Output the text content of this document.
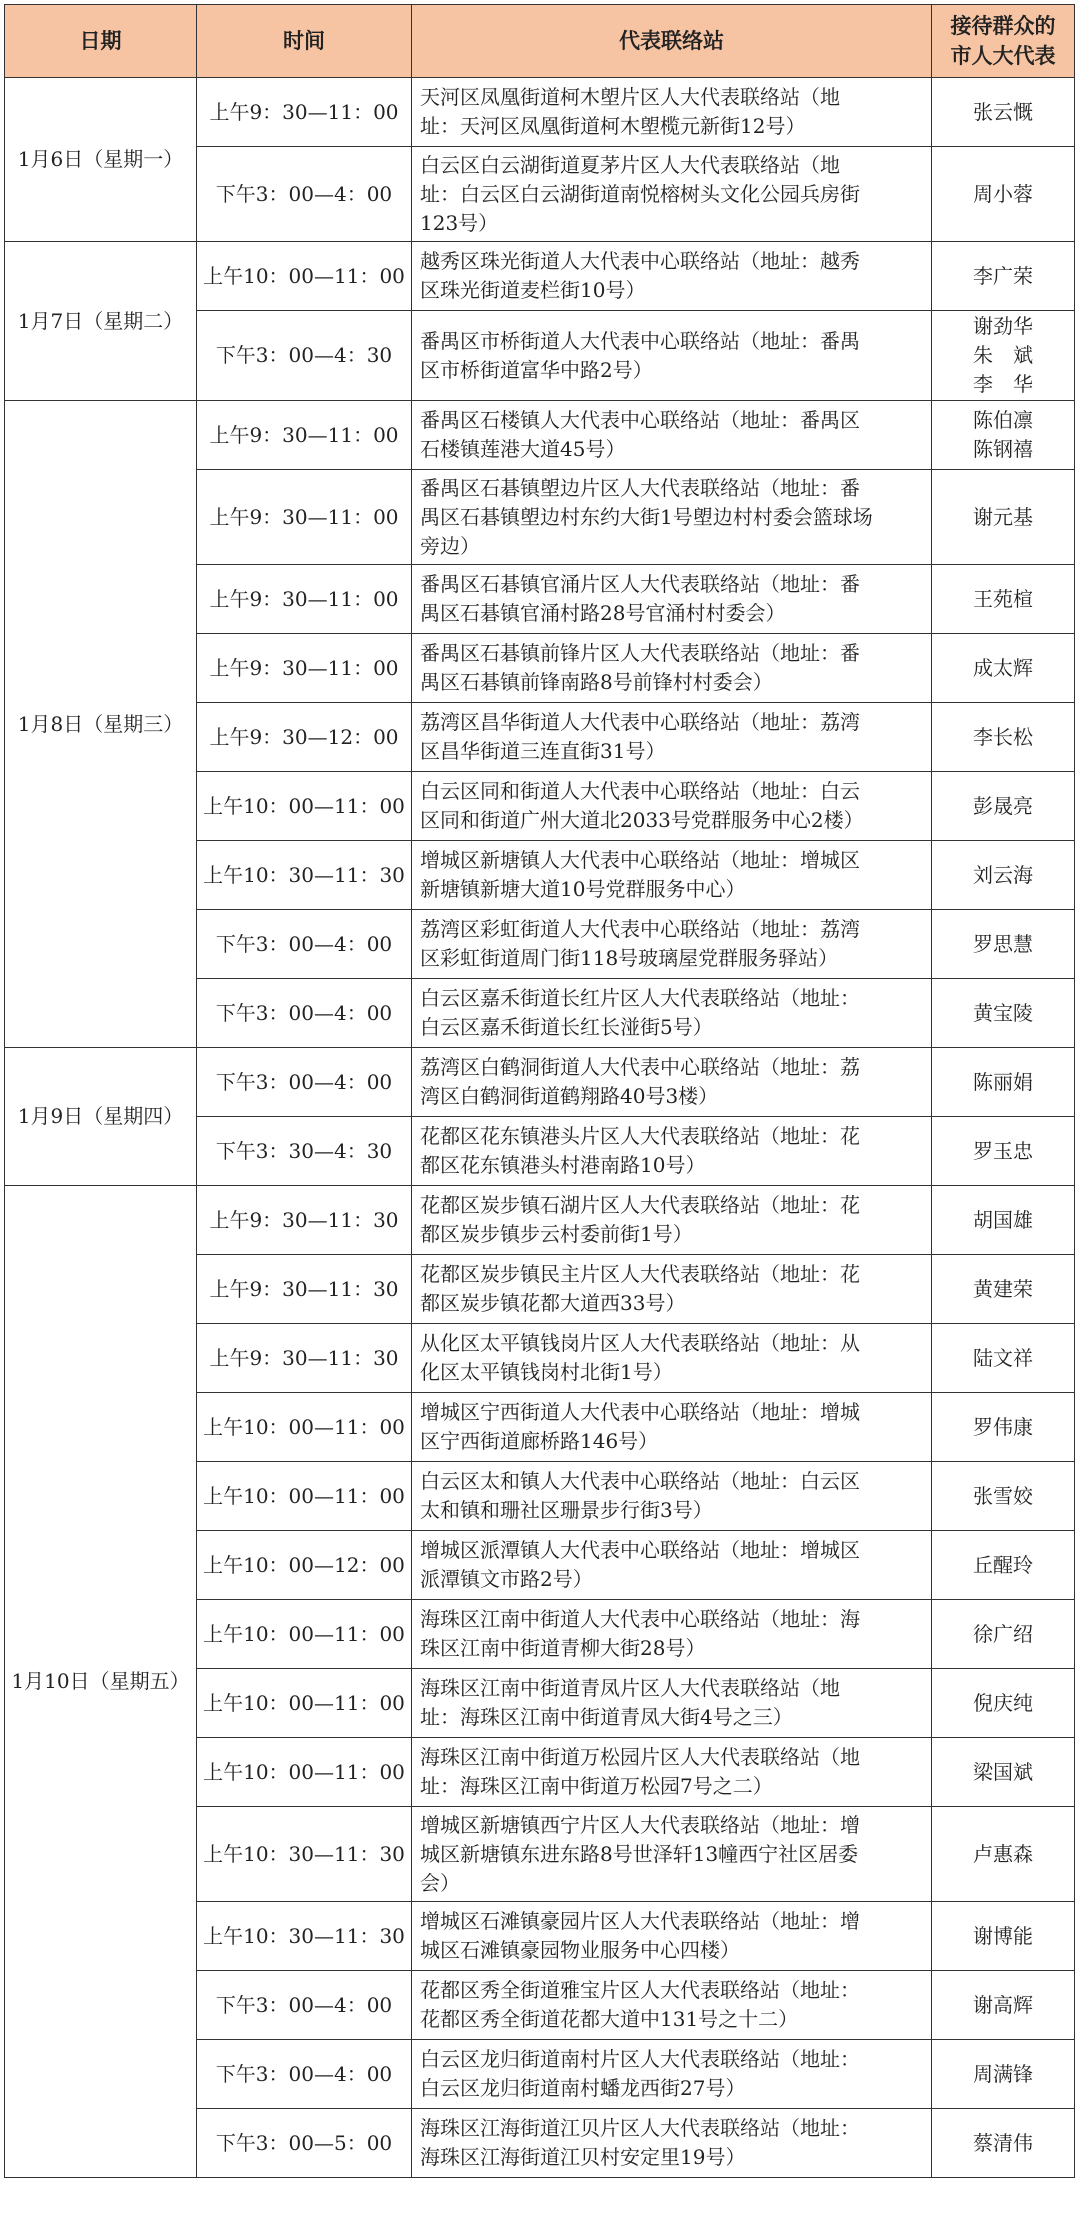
日期	时间	代表联络站	接待群众的
市人大代表
1月6日（星期一）	上午9：30—11：00	天河区凤凰街道柯木塱片区人大代表联络站（地
址：天河区凤凰街道柯木塱榄元新街12号）	张云慨

	下午3：00—4：00	白云区白云湖街道夏茅片区人大代表联络站（地
址：白云区白云湖街道南悦榕树头文化公园兵房街
123号）	周小蓉

1月7日（星期二）	上午10：00—11：00	越秀区珠光街道人大代表中心联络站（地址：越秀
区珠光街道麦栏街10号）	李广荣

	下午3：00—4：30	番禺区市桥街道人大代表中心联络站（地址：番禺
区市桥街道富华中路2号）	谢劲华
朱　斌
李　华

1月8日（星期三）	上午9：30—11：00	番禺区石楼镇人大代表中心联络站（地址：番禺区
石楼镇莲港大道45号）	陈伯凛
陈钢禧

	上午9：30—11：00	番禺区石碁镇塱边片区人大代表联络站（地址：番
禺区石碁镇塱边村东约大街1号塱边村村委会篮球场
旁边）	谢元基

	上午9：30—11：00	番禺区石碁镇官涌片区人大代表联络站（地址：番
禺区石碁镇官涌村路28号官涌村村委会）	王苑楦

	上午9：30—11：00	番禺区石碁镇前锋片区人大代表联络站（地址：番
禺区石碁镇前锋南路8号前锋村村委会）	成太辉

	上午9：30—12：00	荔湾区昌华街道人大代表中心联络站（地址：荔湾
区昌华街道三连直街31号）	李长松

	上午10：00—11：00	白云区同和街道人大代表中心联络站（地址：白云
区同和街道广州大道北2033号党群服务中心2楼）	彭晟亮

	上午10：30—11：30	增城区新塘镇人大代表中心联络站（地址：增城区
新塘镇新塘大道10号党群服务中心）	刘云海

	下午3：00—4：00	荔湾区彩虹街道人大代表中心联络站（地址：荔湾
区彩虹街道周门街118号玻璃屋党群服务驿站）	罗思慧

	下午3：00—4：00	白云区嘉禾街道长红片区人大代表联络站（地址：
白云区嘉禾街道长红长湴街5号）	黄宝陵

1月9日（星期四）	下午3：00—4：00	荔湾区白鹤洞街道人大代表中心联络站（地址：荔
湾区白鹤洞街道鹤翔路40号3楼）	陈丽娟

	下午3：30—4：30	花都区花东镇港头片区人大代表联络站（地址：花
都区花东镇港头村港南路10号）	罗玉忠

1月10日（星期五）	上午9：30—11：30	花都区炭步镇石湖片区人大代表联络站（地址：花
都区炭步镇步云村委前街1号）	胡国雄

	上午9：30—11：30	花都区炭步镇民主片区人大代表联络站（地址：花
都区炭步镇花都大道西33号）	黄建荣

	上午9：30—11：30	从化区太平镇钱岗片区人大代表联络站（地址：从
化区太平镇钱岗村北街1号）	陆文祥

	上午10：00—11：00	增城区宁西街道人大代表中心联络站（地址：增城
区宁西街道廊桥路146号）	罗伟康

	上午10：00—11：00	白云区太和镇人大代表中心联络站（地址：白云区
太和镇和珊社区珊景步行街3号）	张雪姣

	上午10：00—12：00	增城区派潭镇人大代表中心联络站（地址：增城区
派潭镇文市路2号）	丘醒玲

	上午10：00—11：00	海珠区江南中街道人大代表中心联络站（地址：海
珠区江南中街道青柳大街28号）	徐广绍

	上午10：00—11：00	海珠区江南中街道青凤片区人大代表联络站（地
址：海珠区江南中街道青凤大街4号之三）	倪庆纯

	上午10：00—11：00	海珠区江南中街道万松园片区人大代表联络站（地
址：海珠区江南中街道万松园7号之二）	梁国斌

	上午10：30—11：30	增城区新塘镇西宁片区人大代表联络站（地址：增
城区新塘镇东进东路8号世泽轩13幢西宁社区居委
会）	卢惠森

	上午10：30—11：30	增城区石滩镇豪园片区人大代表联络站（地址：增
城区石滩镇豪园物业服务中心四楼）	谢博能

	下午3：00—4：00	花都区秀全街道雅宝片区人大代表联络站（地址：
花都区秀全街道花都大道中131号之十二）	谢高辉

	下午3：00—4：00	白云区龙归街道南村片区人大代表联络站（地址：
白云区龙归街道南村蟠龙西街27号）	周满锋

	下午3：00—5：00	海珠区江海街道江贝片区人大代表联络站（地址：
海珠区江海街道江贝村安定里19号）	蔡清伟
